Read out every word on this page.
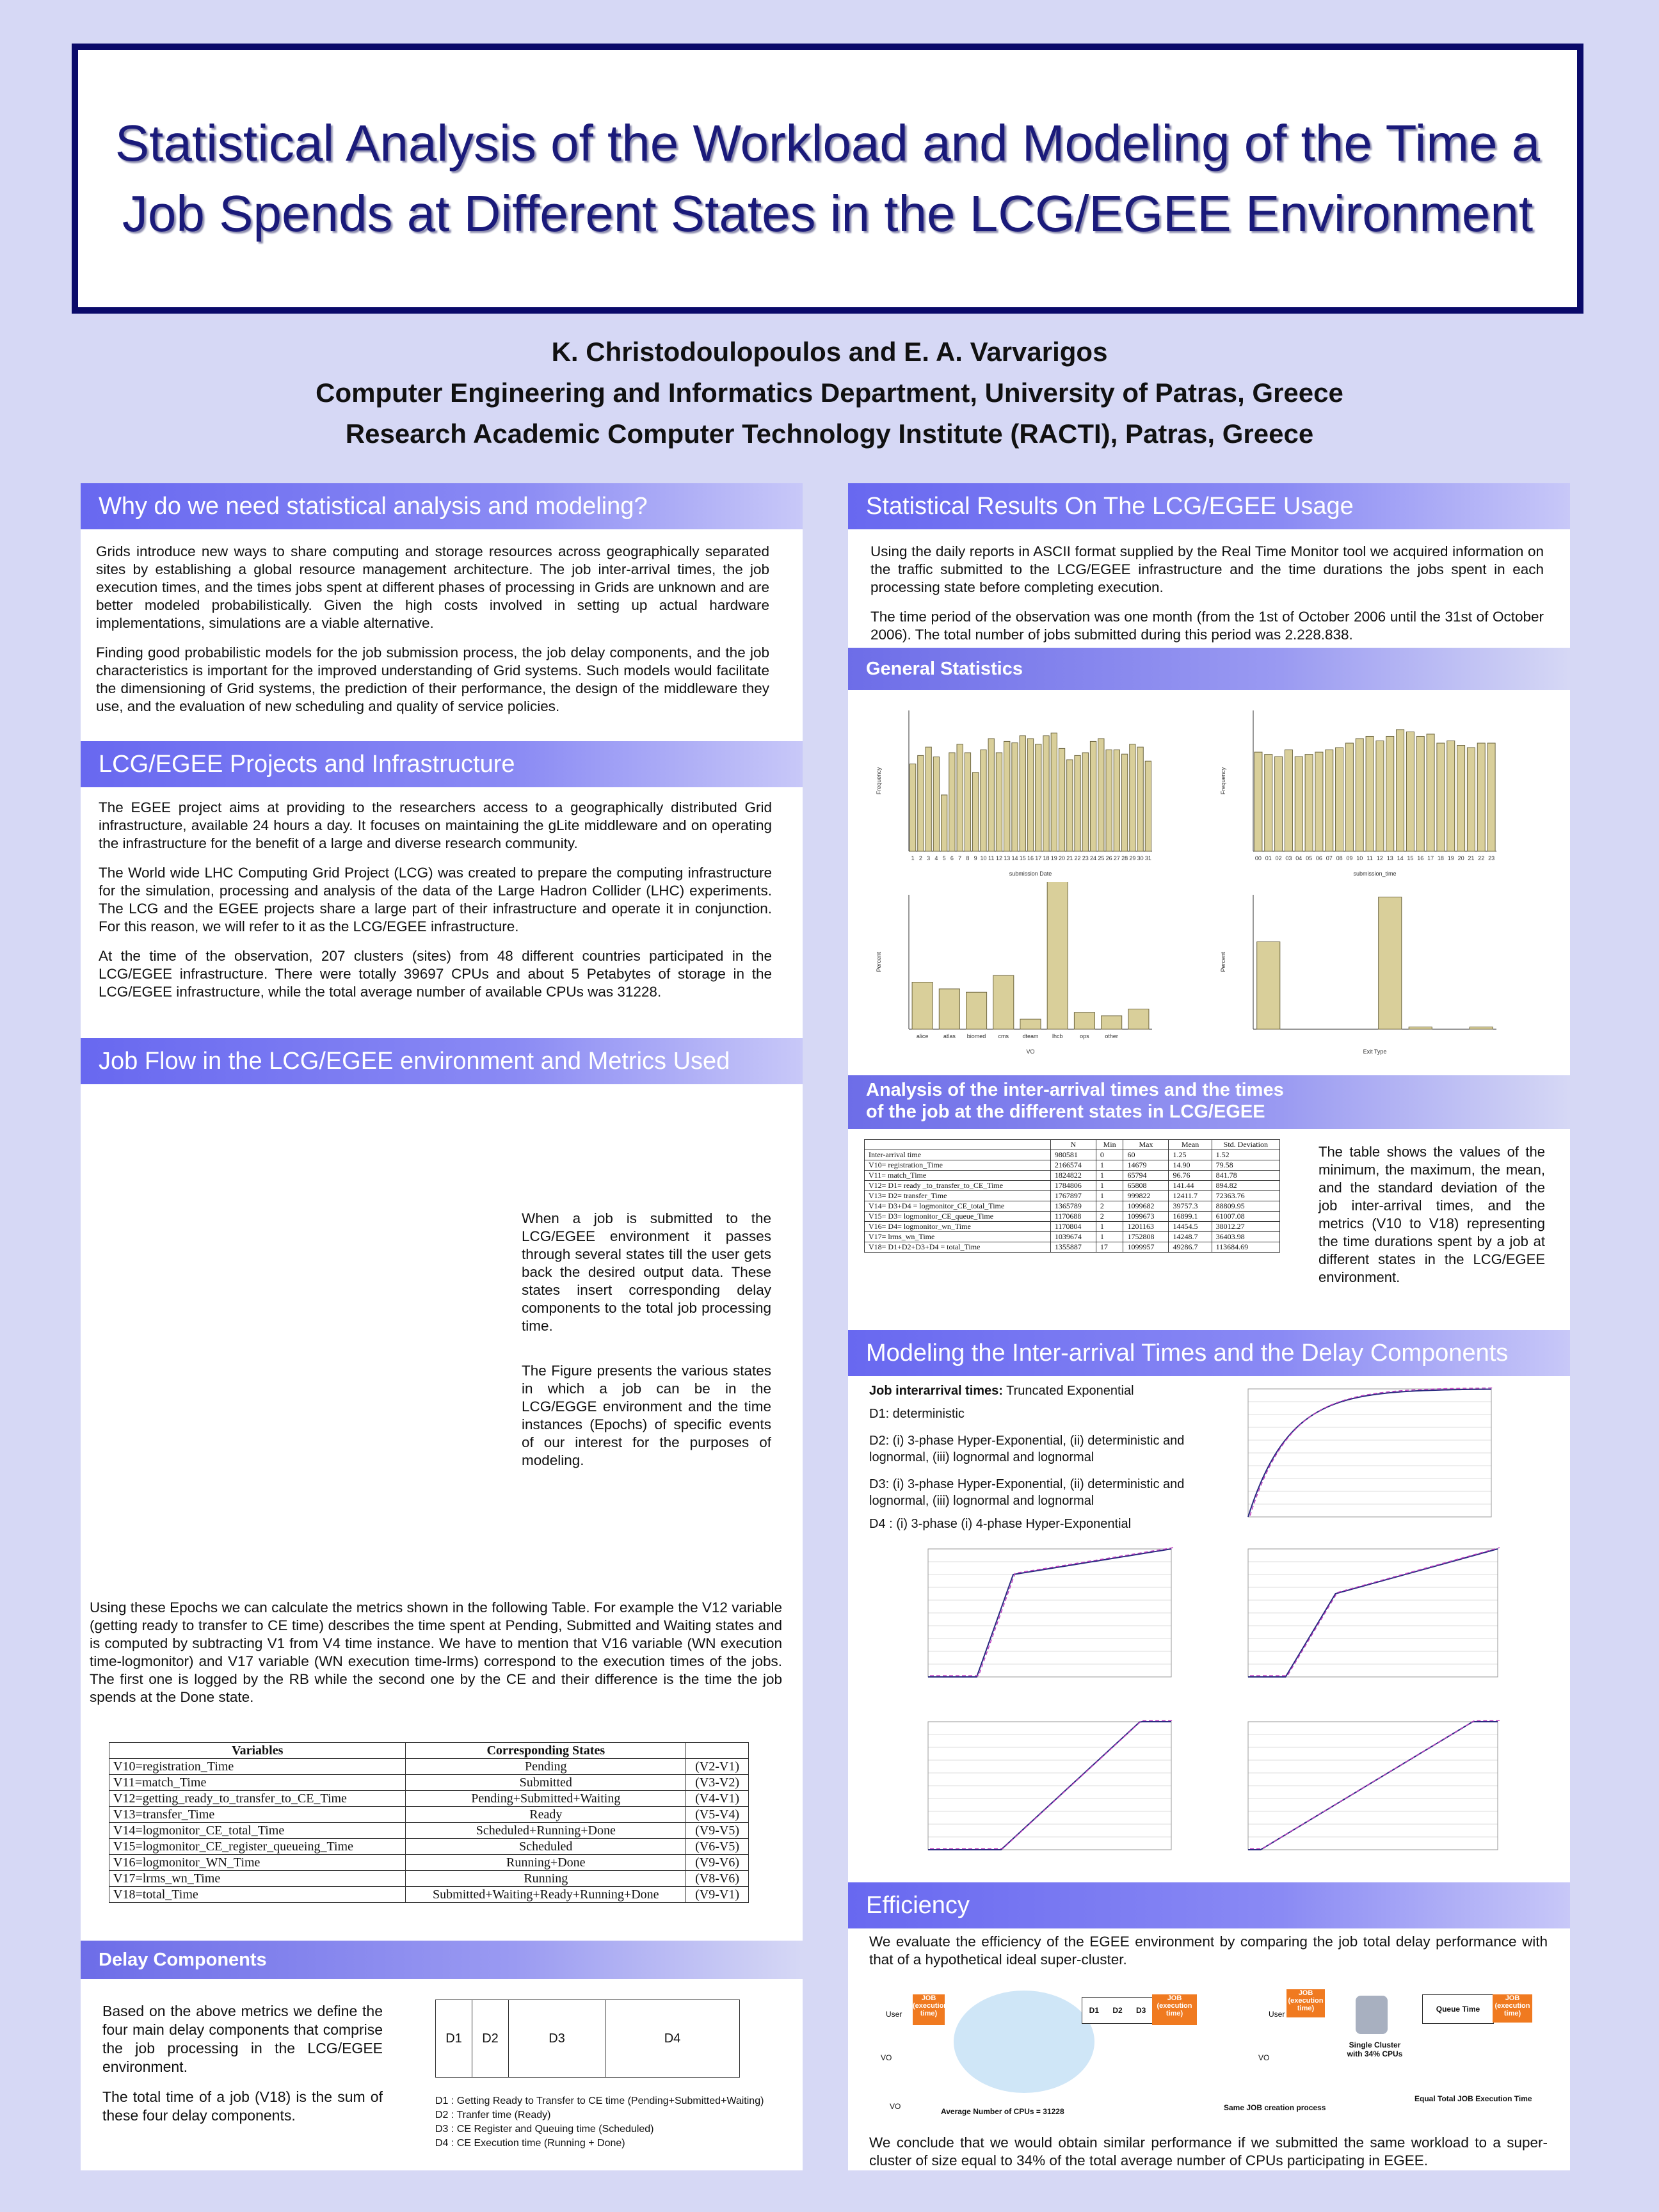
Statistical Analysis of the Workload and Modeling of the Time a Job Spends at Different States in the LCG/EGEE Environment
K. Christodoulopoulos and E. A. Varvarigos
Computer Engineering and Informatics Department, University of Patras, Greece
Research Academic Computer Technology Institute (RACTI), Patras, Greece
Why do we need statistical analysis and modeling?

Grids introduce new ways to share computing and storage resources across geographically separated sites by establishing a global resource management architecture. The job inter-arrival times, the job execution times, and the times jobs spent at different phases of processing in Grids are unknown and are better modeled probabilistically. Given the high costs involved in setting up actual hardware implementations, simulations are a viable alternative.

Finding good probabilistic models for the job submission process, the job delay components, and the job characteristics is important for the improved understanding of Grid systems. Such models would facilitate the dimensioning of Grid systems, the prediction of their performance, the design of the middleware they use, and the evaluation of new scheduling and quality of service policies.

LCG/EGEE Projects and Infrastructure

The EGEE project aims at providing to the researchers access to a geographically distributed Grid infrastructure, available 24 hours a day. It focuses on maintaining the gLite middleware and on operating the infrastructure for the benefit of a large and diverse research community.

The World wide LHC Computing Grid Project (LCG) was created to prepare the computing infrastructure for the simulation, processing and analysis of the data of the Large Hadron Collider (LHC) experiments. The LCG and the EGEE projects share a large part of their infrastructure and operate it in conjunction. For this reason, we will refer to it as the LCG/EGEE infrastructure.

At the time of the observation, 207 clusters (sites) from 48 different countries participated in the LCG/EGEE infrastructure. There were totally 39697 CPUs and about 5 Petabytes of storage in the LCG/EGEE infrastructure, while the total average number of available CPUs was 31228.

Job Flow in the LCG/EGEE environment and Metrics Used
When a job is submitted to the LCG/EGEE environment it passes through several states till the user gets back the desired output data. These states insert corresponding delay components to the total job processing time.
The Figure presents the various states in which a job can be in the LCG/EGGE environment and the time instances (Epochs) of specific events of our interest for the purposes of modeling.
Using these Epochs we can calculate the metrics shown in the following Table. For example the V12 variable (getting ready to transfer to CE time) describes the time spent at Pending, Submitted and Waiting states and is computed by subtracting V1 from V4 time instance. We have to mention that V16 variable (WN execution time-logmonitor) and V17 variable (WN execution time-lrms) correspond to the execution times of the jobs. The first one is logged by the RB while the second one by the CE and their difference is the time the job spends at the Done state.
Variables	Corresponding States	
V10=registration_Time	Pending	(V2-V1)
V11=match_Time	Submitted	(V3-V2)
V12=getting_ready_to_transfer_to_CE_Time	Pending+Submitted+Waiting	(V4-V1)
V13=transfer_Time	Ready	(V5-V4)
V14=logmonitor_CE_total_Time	Scheduled+Running+Done	(V9-V5)
V15=logmonitor_CE_register_queueing_Time	Scheduled	(V6-V5)
V16=logmonitor_WN_Time	Running+Done	(V9-V6)
V17=lrms_wn_Time	Running	(V8-V6)
V18=total_Time	Submitted+Waiting+Ready+Running+Done	(V9-V1)
Delay Components

Based on the above metrics we define the four main delay components that comprise the job processing in the LCG/EGEE environment.

The total time of a job (V18) is the sum of these four delay components.

D1	D2	D3	D4
D1 : Getting Ready to Transfer to CE time (Pending+Submitted+Waiting)
D2 : Tranfer time (Ready)
D3 : CE Register and Queuing time (Scheduled)
D4 : CE Execution time (Running + Done)
Statistical Results On The LCG/EGEE Usage

Using the daily reports in ASCII format supplied by the Real Time Monitor tool we acquired information on the traffic submitted to the LCG/EGEE infrastructure and the time durations the jobs spent in each processing state before completing execution.

The time period of the observation was one month (from the 1st of October 2006 until the 31st of October 2006). The total number of jobs submitted during this period was 2.228.838.

General Statistics
1 2 3 4 5 6 7 8 9 10 11 12 13 14 15 16 17 18 19 20 21 22 23 24 25 26 27 28 29 30 31
submission Date
Frequency
00 01 02 03 04 05 06 07 08 09 10 11 12 13 14 15 16 17 18 19 20 21 22 23
submission_time
Frequency
alice	atlas biomed cms dteam lhcb	ops	other
VO
Percent
Exit Type
Percent
Analysis of the inter-arrival times and the times
of the job at the different states in LCG/EGEE
	N	Min	Max	Mean	Std. Deviation
Inter-arrival time	980581	0	60	1.25	1.52
V10= registration_Time	2166574	1	14679	14.90	79.58
V11= match_Time	1824822	1	65794	96.76	841.78
V12= D1= ready _to_transfer_to_CE_Time	1784806	1	65808	141.44	894.82
V13= D2= transfer_Time	1767897	1	999822	12411.7	72363.76
V14= D3+D4 = logmonitor_CE_total_Time	1365789	2	1099682	39757.3	88809.95
V15= D3= logmonitor_CE_queue_Time	1170688	2	1099673	16899.1	61007.08
V16= D4= logmonitor_wn_Time	1170804	1	1201163	14454.5	38012.27
V17= lrms_wn_Time	1039674	1	1752808	14248.7	36403.98
V18= D1+D2+D3+D4 = total_Time	1355887	17	1099957	49286.7	113684.69
The table shows the values of the minimum, the maximum, the mean, and the standard deviation of the job inter-arrival times, and the metrics (V10 to V18) representing the time durations spent by a job at different states in the LCG/EGEE environment.
Modeling the Inter-arrival Times and the Delay Components
Job interarrival times: Truncated Exponential
D1: deterministic
D2: (i) 3-phase Hyper-Exponential, (ii) deterministic and lognormal, (iii) lognormal and lognormal
D3: (i) 3-phase Hyper-Exponential, (ii) deterministic and lognormal, (iii) lognormal and lognormal
D4 : (i) 3-phase (i) 4-phase Hyper-Exponential
Efficiency
We evaluate the efficiency of the EGEE environment by comparing the job total delay performance with that of a hypothetical ideal super-cluster.
User
VO
VO
JOB (execution time)
Average Number of CPUs = 31228
D1	D2	D3
JOB (execution time)	User
VO
JOB (execution time)
Single Cluster with 34% CPUs
Queue Time
JOB (execution time)
Same JOB creation process
Equal Total JOB Execution Time
We conclude that we would obtain similar performance if we submitted the same workload to a super-cluster of size equal to 34% of the total average number of CPUs participating in EGEE.
